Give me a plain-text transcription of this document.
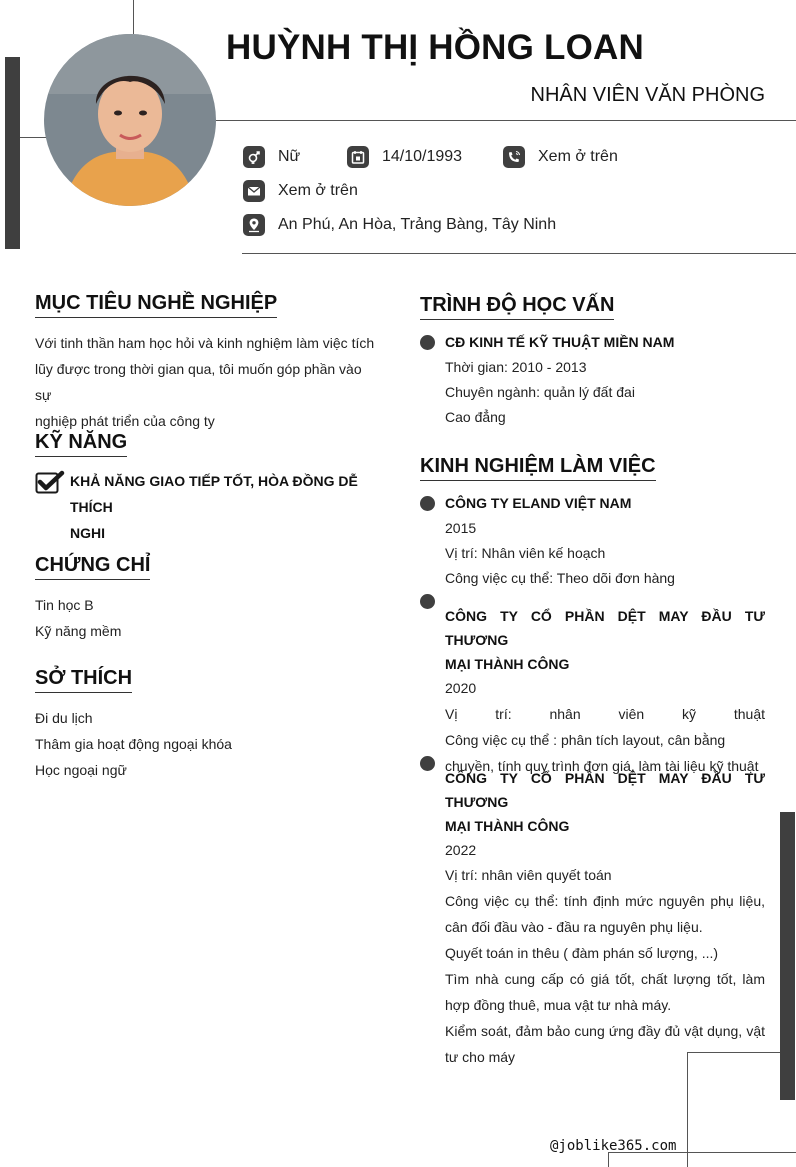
HUỲNH THỊ HỒNG LOAN
NHÂN VIÊN VĂN PHÒNG
Nữ	14/10/1993	Xem ở trên
Xem ở trên
An Phú, An Hòa, Trảng Bàng, Tây Ninh
MỤC TIÊU NGHỀ NGHIỆP
Với tinh thần ham học hỏi và kinh nghiệm làm việc tích
lũy được trong thời gian qua, tôi muốn góp phần vào sự
nghiệp phát triển của công ty
KỸ NĂNG
KHẢ NĂNG GIAO TIẾP TỐT, HÒA ĐỒNG DỄ THÍCH
NGHI
CHỨNG CHỈ
Tin học B
Kỹ năng mềm
SỞ THÍCH
Đi du lịch
Thâm gia hoạt động ngoại khóa
Học ngoại ngữ
TRÌNH ĐỘ HỌC VẤN
CĐ KINH TẾ KỸ THUẬT MIỀN NAM
Thời gian: 2010 - 2013
Chuyên ngành: quản lý đất đai
Cao đẳng
KINH NGHIỆM LÀM VIỆC
CÔNG TY ELAND VIỆT NAM
2015
Vị trí: Nhân viên kế hoạch
Công việc cụ thể: Theo dõi đơn hàng
CÔNG TY CỔ PHẦN DỆT MAY ĐẦU TƯ THƯƠNG
MẠI THÀNH CÔNG
2020
Vị trí: nhân viên kỹ thuật
Công việc cụ thể : phân tích layout, cân bằng
chuyền, tính quy trình đơn giá, làm tài liệu kỹ thuật
CÔNG TY CỔ PHẦN DỆT MAY ĐẦU TƯ THƯƠNG
MẠI THÀNH CÔNG
2022
Vị trí: nhân viên quyết toán
Công việc cụ thể: tính định mức nguyên phụ liệu,
cân đối đầu vào - đầu ra nguyên phụ liệu.
Quyết toán in thêu ( đàm phán số lượng, ...)
Tìm nhà cung cấp có giá tốt, chất lượng tốt, làm
hợp đồng thuê, mua vật tư nhà máy.
Kiểm soát, đảm bảo cung ứng đầy đủ vật dụng, vật
tư cho máy
@joblike365.com
